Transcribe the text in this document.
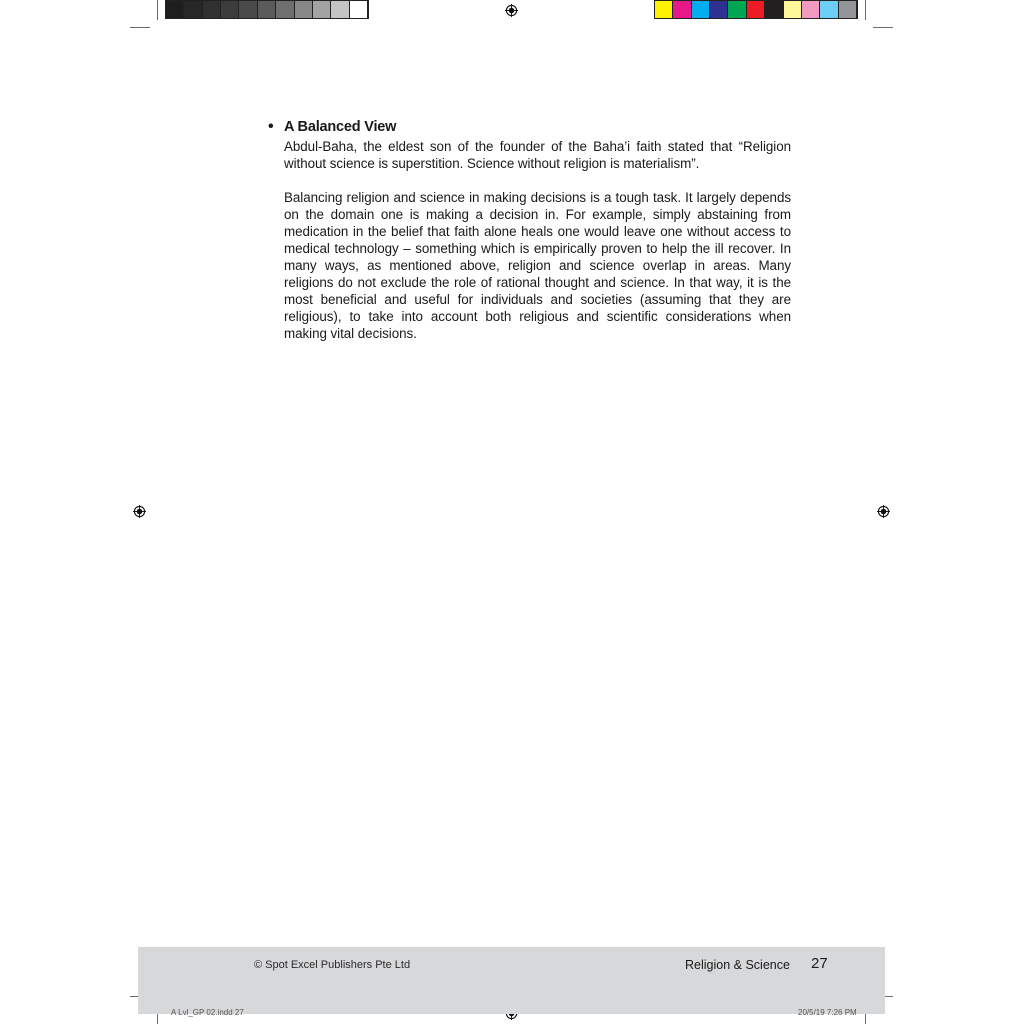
• A Balanced View

Abdul-Baha, the eldest son of the founder of the Baha’i faith stated that “Religion without science is superstition. Science without religion is materialism”.

Balancing religion and science in making decisions is a tough task. It largely depends on the domain one is making a decision in. For example, simply abstaining from medication in the belief that faith alone heals one would leave one without access to medical technology – something which is empirically proven to help the ill recover. In many ways, as mentioned above, religion and science overlap in areas. Many religions do not exclude the role of rational thought and science. In that way, it is the most beneficial and useful for individuals and societies (assuming that they are religious), to take into account both religious and scientific considerations when making vital decisions.

© Spot Excel Publishers Pte Ltd	Religion & Science 27
A Lvl_GP 02.indd 27	20/5/19 7:26 PM
